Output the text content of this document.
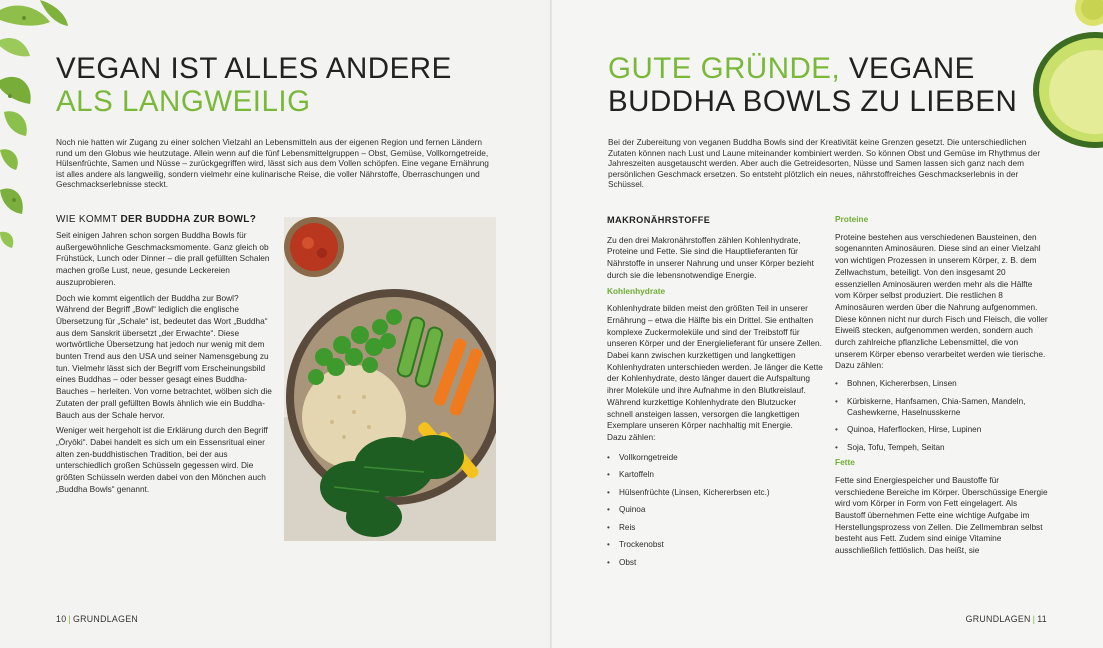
VEGAN IST ALLES ANDERE
ALS LANGWEILIG
Noch nie hatten wir Zugang zu einer solchen Vielzahl an Lebensmitteln aus der eigenen Region und fernen Ländern rund um den Globus wie heutzutage. Allein wenn auf die fünf Lebensmittelgruppen – Obst, Gemüse, Vollkorngetreide, Hülsenfrüchte, Samen und Nüsse – zurückgegriffen wird, lässt sich aus dem Vollen schöpfen. Eine vegane Ernährung ist alles andere als langweilig, sondern vielmehr eine kulinarische Reise, die voller Nährstoffe, Überraschungen und Geschmackserlebnisse steckt.
WIE KOMMT DER BUDDHA ZUR BOWL?

Seit einigen Jahren schon sorgen Buddha Bowls für außergewöhnliche Geschmacksmomente. Ganz gleich ob Frühstück, Lunch oder Dinner – die prall gefüllten Schalen machen große Lust, neue, gesunde Leckereien auszuprobieren.

Doch wie kommt eigentlich der Buddha zur Bowl? Während der Begriff „Bowl“ lediglich die englische Übersetzung für „Schale“ ist, bedeutet das Wort „Buddha“ aus dem Sanskrit übersetzt „der Erwachte“. Diese wortwörtliche Übersetzung hat jedoch nur wenig mit dem bunten Trend aus den USA und seiner Namensgebung zu tun. Vielmehr lässt sich der Begriff vom Erscheinungsbild eines Buddhas – oder besser gesagt eines Buddha-Bauches – herleiten. Von vorne betrachtet, wölben sich die Zutaten der prall gefüllten Bowls ähnlich wie ein Buddha-Bauch aus der Schale hervor.

Weniger weit hergeholt ist die Erklärung durch den Begriff „Ōryōki“. Dabei handelt es sich um ein Essensritual einer alten zen-buddhistischen Tradition, bei der aus unterschiedlich großen Schüsseln gegessen wird. Die größten Schüsseln werden dabei von den Mönchen auch „Buddha Bowls“ genannt.

10 | GRUNDLAGEN
GUTE GRÜNDE, VEGANE
BUDDHA BOWLS ZU LIEBEN
Bei der Zubereitung von veganen Buddha Bowls sind der Kreativität keine Grenzen gesetzt. Die unterschiedlichen Zutaten können nach Lust und Laune miteinander kombiniert werden. So können Obst und Gemüse im Rhythmus der Jahreszeiten ausgetauscht werden. Aber auch die Getreidesorten, Nüsse und Samen lassen sich ganz nach dem persönlichen Geschmack ersetzen. So entsteht plötzlich ein neues, nährstoffreiches Geschmackserlebnis in der Schüssel.
MAKRONÄHRSTOFFE

Zu den drei Makronährstoffen zählen Kohlenhydrate, Proteine und Fette. Sie sind die Hauptlieferanten für Nährstoffe in unserer Nahrung und unser Körper bezieht durch sie die lebensnotwendige Energie.

Kohlenhydrate

Kohlenhydrate bilden meist den größten Teil in unserer Ernährung – etwa die Hälfte bis ein Drittel. Sie enthalten komplexe Zuckermoleküle und sind der Treibstoff für unseren Körper und der Energielieferant für unsere Zellen. Dabei kann zwischen kurzkettigen und langkettigen Kohlenhydraten unterschieden werden. Je länger die Kette der Kohlenhydrate, desto länger dauert die Aufspaltung ihrer Moleküle und ihre Aufnahme in den Blutkreislauf. Während kurzkettige Kohlenhydrate den Blutzucker schnell ansteigen lassen, versorgen die langkettigen Exemplare unseren Körper nachhaltig mit Energie.

Dazu zählen:
• Vollkorngetreide
• Kartoffeln
• Hülsenfrüchte (Linsen, Kichererbsen etc.)
• Quinoa
• Reis
• Trockenobst
• Obst
Proteine

Proteine bestehen aus verschiedenen Bausteinen, den sogenannten Aminosäuren. Diese sind an einer Vielzahl von wichtigen Prozessen in unserem Körper, z. B. dem Zellwachstum, beteiligt. Von den insgesamt 20 essenziellen Aminosäuren werden mehr als die Hälfte vom Körper selbst produziert. Die restlichen 8 Aminosäuren werden über die Nahrung aufgenommen. Diese können nicht nur durch Fisch und Fleisch, die voller Eiweiß stecken, aufgenommen werden, sondern auch durch zahlreiche pflanzliche Lebensmittel, die von unserem Körper ebenso verarbeitet werden wie tierische.

Dazu zählen:
• Bohnen, Kichererbsen, Linsen
• Kürbiskerne, Hanfsamen, Chia-Samen, Mandeln, Cashewkerne, Haselnusskerne
• Quinoa, Haferflocken, Hirse, Lupinen
• Soja, Tofu, Tempeh, Seitan
Fette

Fette sind Energiespeicher und Baustoffe für verschiedene Bereiche im Körper. Überschüssige Energie wird vom Körper in Form von Fett eingelagert. Als Baustoff übernehmen Fette eine wichtige Aufgabe im Herstellungsprozess von Zellen. Die Zellmembran selbst besteht aus Fett. Zudem sind einige Vitamine ausschließlich fettlöslich. Das heißt, sie

GRUNDLAGEN | 11
